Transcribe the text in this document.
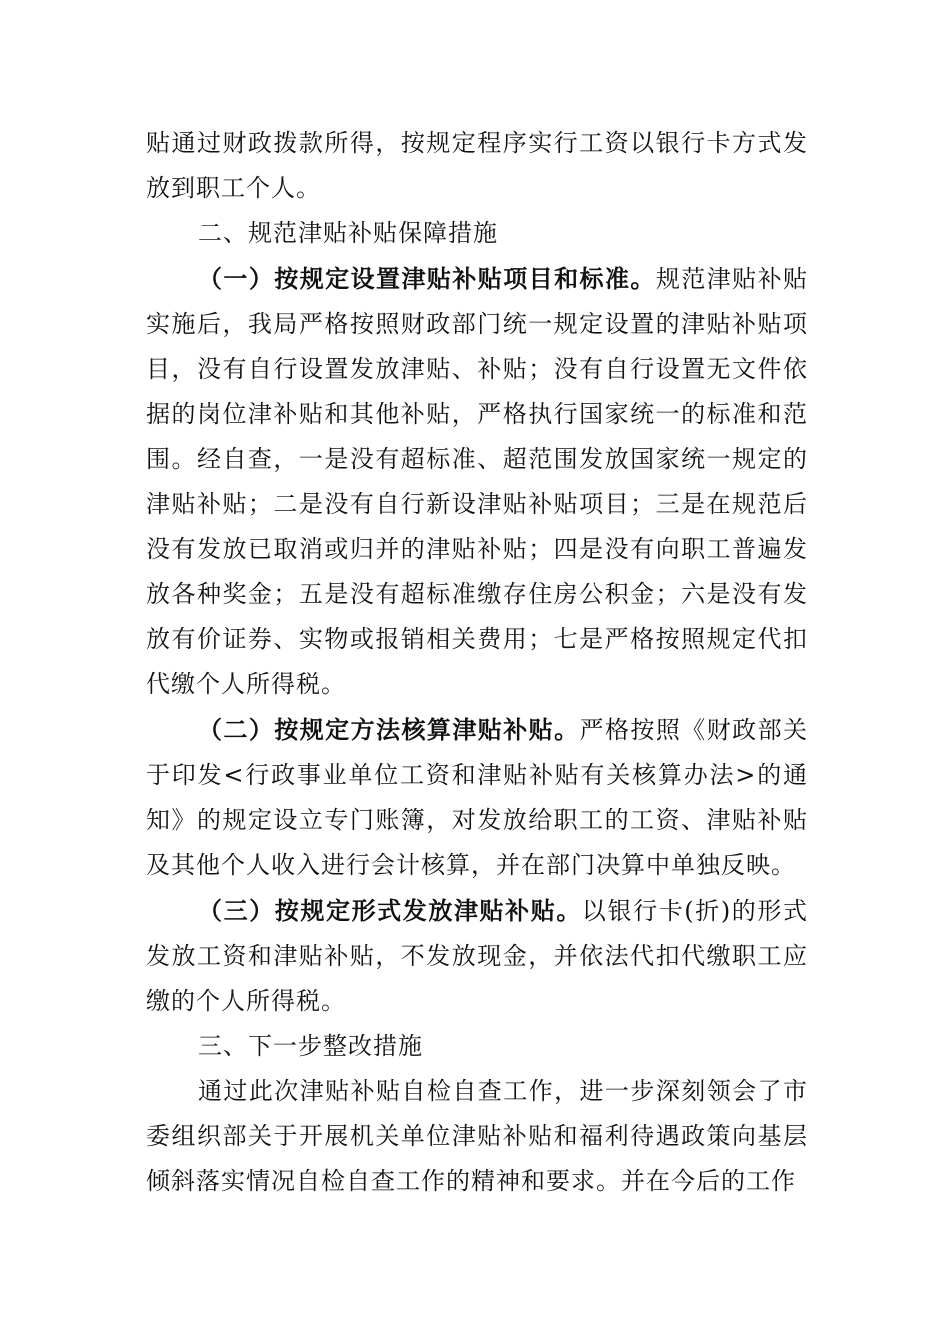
贴通过财政拨款所得，按规定程序实行工资以银行卡方式发放到职工个人。

二、规范津贴补贴保障措施

（一）按规定设置津贴补贴项目和标准。规范津贴补贴实施后，我局严格按照财政部门统一规定设置的津贴补贴项目，没有自行设置发放津贴、补贴；没有自行设置无文件依据的岗位津补贴和其他补贴，严格执行国家统一的标准和范围。经自查，一是没有超标准、超范围发放国家统一规定的津贴补贴；二是没有自行新设津贴补贴项目；三是在规范后没有发放已取消或归并的津贴补贴；四是没有向职工普遍发放各种奖金；五是没有超标准缴存住房公积金；六是没有发放有价证券、实物或报销相关费用；七是严格按照规定代扣代缴个人所得税。

（二）按规定方法核算津贴补贴。严格按照《财政部关于印发<行政事业单位工资和津贴补贴有关核算办法>的通知》的规定设立专门账簿，对发放给职工的工资、津贴补贴及其他个人收入进行会计核算，并在部门决算中单独反映。

（三）按规定形式发放津贴补贴。以银行卡(折)的形式发放工资和津贴补贴，不发放现金，并依法代扣代缴职工应缴的个人所得税。

三、下一步整改措施

通过此次津贴补贴自检自查工作，进一步深刻领会了市委组织部关于开展机关单位津贴补贴和福利待遇政策向基层倾斜落实情况自检自查工作的精神和要求。并在今后的工作
